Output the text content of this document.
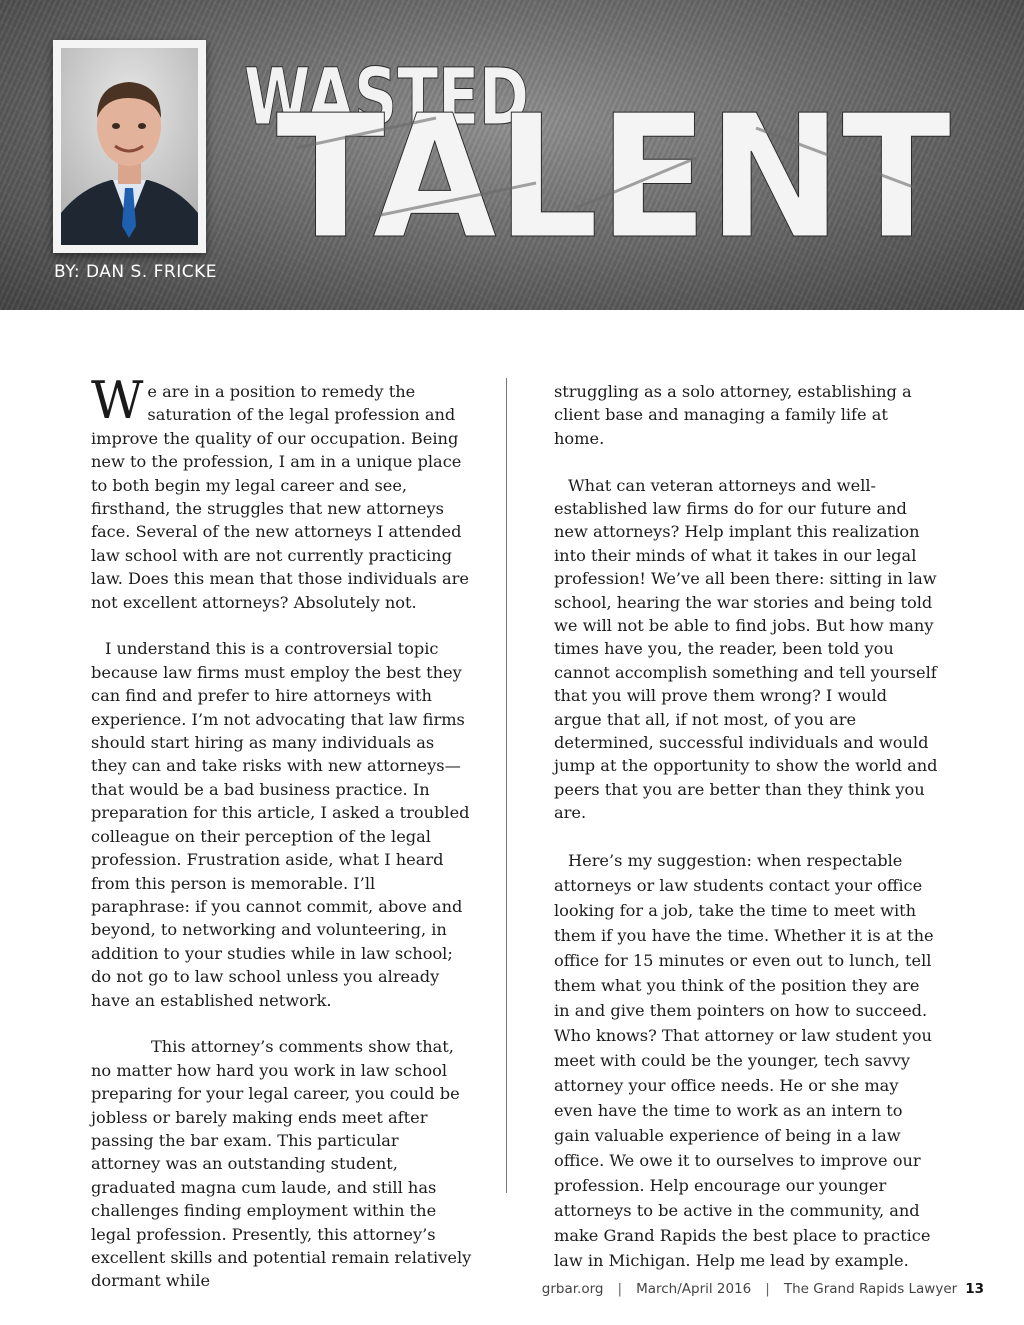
WASTED
TALENT
BY: DAN S. FRICKE

W e are in a position to remedy the saturation of the legal profession and improve the quality of our occupation. Being new to the profession, I am in a unique place to both begin my legal career and see, firsthand, the struggles that new attorneys face. Several of the new attorneys I attended law school with are not currently practicing law. Does this mean that those individuals are not excellent attorneys? Absolutely not.

I understand this is a controversial topic because law firms must employ the best they can find and prefer to hire attorneys with experience. I’m not advocating that law firms should start hiring as many individuals as they can and take risks with new attorneys—that would be a bad business practice. In preparation for this article, I asked a troubled colleague on their perception of the legal profession. Frustration aside, what I heard from this person is memorable. I’ll paraphrase: if you cannot commit, above and beyond, to networking and volunteering, in addition to your studies while in law school; do not go to law school unless you already have an established network.

This attorney’s comments show that, no matter how hard you work in law school preparing for your legal career, you could be jobless or barely making ends meet after passing the bar exam. This particular attorney was an outstanding student, graduated magna cum laude, and still has challenges finding employment within the legal profession. Presently, this attorney’s excellent skills and potential remain relatively dormant while

struggling as a solo attorney, establishing a client base and managing a family life at home.

What can veteran attorneys and well-established law firms do for our future and new attorneys? Help implant this realization into their minds of what it takes in our legal profession! We’ve all been there: sitting in law school, hearing the war stories and being told we will not be able to find jobs. But how many times have you, the reader, been told you cannot accomplish something and tell yourself that you will prove them wrong? I would argue that all, if not most, of you are determined, successful individuals and would jump at the opportunity to show the world and peers that you are better than they think you are.

Here’s my suggestion: when respectable attorneys or law students contact your office looking for a job, take the time to meet with them if you have the time. Whether it is at the office for 15 minutes or even out to lunch, tell them what you think of the position they are in and give them pointers on how to succeed. Who knows? That attorney or law student you meet with could be the younger, tech savvy attorney your office needs. He or she may even have the time to work as an intern to gain valuable experience of being in a law office. We owe it to ourselves to improve our profession. Help encourage our younger attorneys to be active in the community, and make Grand Rapids the best place to practice law in Michigan. Help me lead by example.

grbar.org | March/April 2016 | The Grand Rapids Lawyer 13
